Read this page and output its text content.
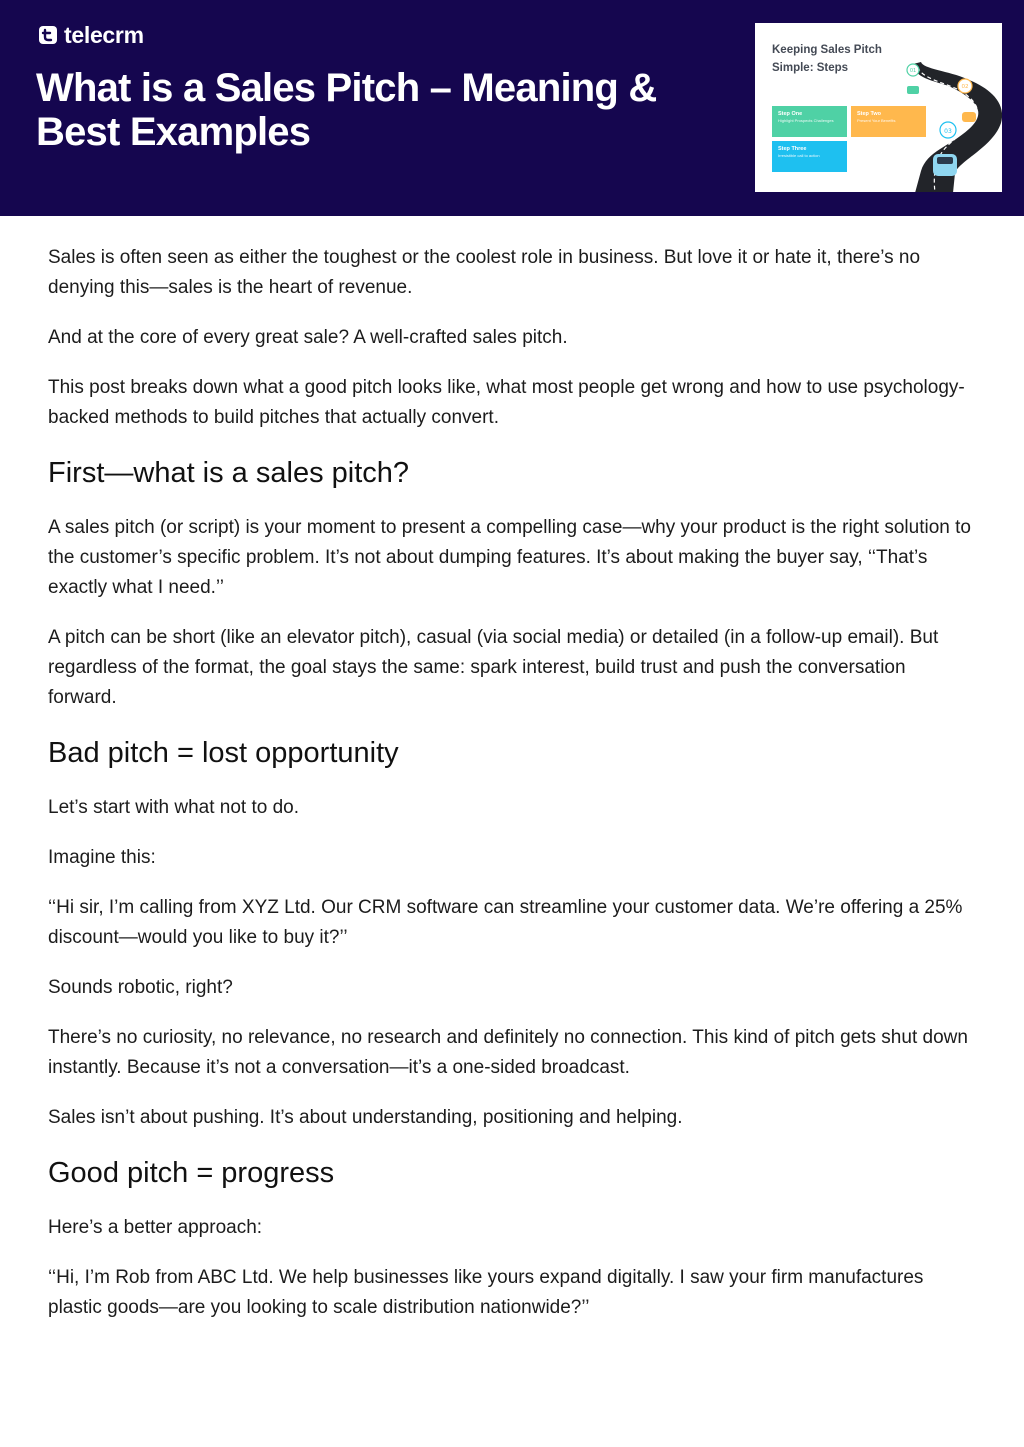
telecrm
What is a Sales Pitch – Meaning & Best Examples
01
02
03
Keeping Sales Pitch Simple: Steps
Step One
Highlight Prospects Challenges
Step Two
Present Your Benefits
Step Three
Irresistible call to action

Sales is often seen as either the toughest or the coolest role in business. But love it or hate it, there’s no denying this—sales is the heart of revenue.

And at the core of every great sale? A well-crafted sales pitch.

This post breaks down what a good pitch looks like, what most people get wrong and how to use psychology-backed methods to build pitches that actually convert.

First—what is a sales pitch?

A sales pitch (or script) is your moment to present a compelling case—why your product is the right solution to the customer’s specific problem. It’s not about dumping features. It’s about making the buyer say, ‘‘That’s exactly what I need.’’

A pitch can be short (like an elevator pitch), casual (via social media) or detailed (in a follow-up email). But regardless of the format, the goal stays the same: spark interest, build trust and push the conversation forward.

Bad pitch = lost opportunity

Let’s start with what not to do.

Imagine this:

‘‘Hi sir, I’m calling from XYZ Ltd. Our CRM software can streamline your customer data. We’re offering a 25% discount—would you like to buy it?’’

Sounds robotic, right?

There’s no curiosity, no relevance, no research and definitely no connection. This kind of pitch gets shut down instantly. Because it’s not a conversation—it’s a one-sided broadcast.

Sales isn’t about pushing. It’s about understanding, positioning and helping.

Good pitch = progress

Here’s a better approach:

‘‘Hi, I’m Rob from ABC Ltd. We help businesses like yours expand digitally. I saw your firm manufactures plastic goods—are you looking to scale distribution nationwide?’’
